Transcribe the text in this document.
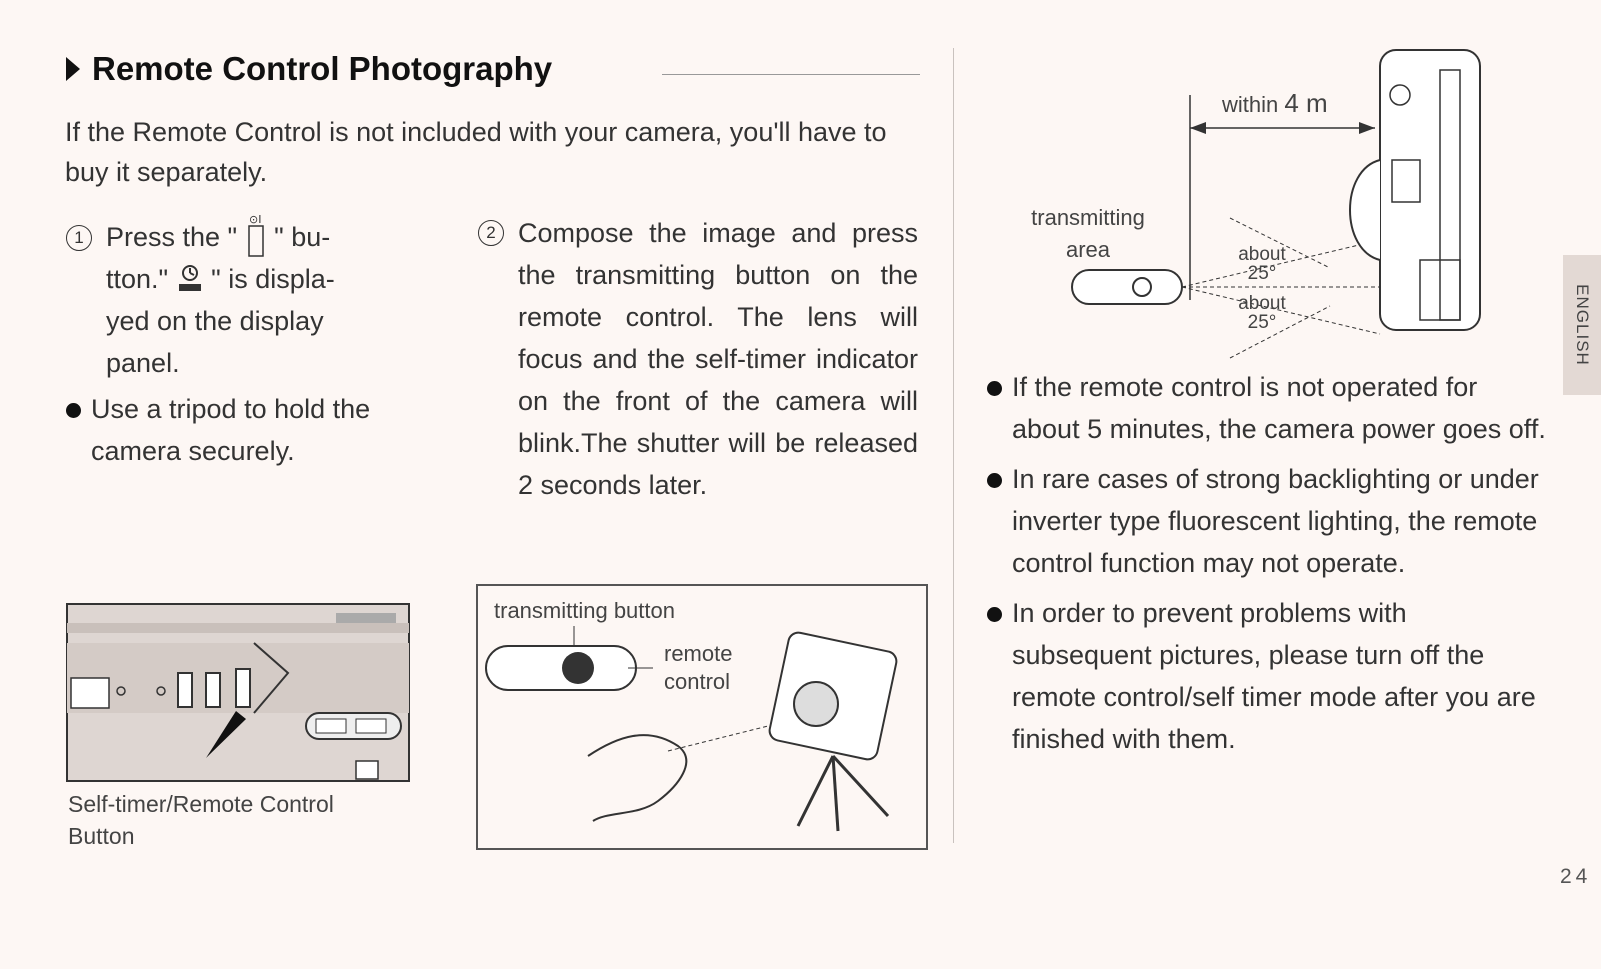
Remote Control Photography
If the Remote Control is not included with your camera, you'll have to buy it separately.
1 Press the "
⊙I
" bu-
tton." " is displa-
yed on the display
panel.
Use a tripod to hold the camera securely.
2 Compose the image and press the transmitting button on the remote control. The lens will focus and the self-timer indicator on the front of the camera will blink.The shutter will be released 2 seconds later.
Self-timer/Remote Control Button
transmitting button
remote control
within 4 m
transmitting area	about
25°
about
25°
If the remote control is not operated for about 5 minutes, the camera power goes off.
In rare cases of strong backlighting or under inverter type fluorescent lighting, the remote control function may not operate.
In order to prevent problems with subsequent pictures, please turn off the remote control/self timer mode after you are finished with them.
ENGLISH
24
